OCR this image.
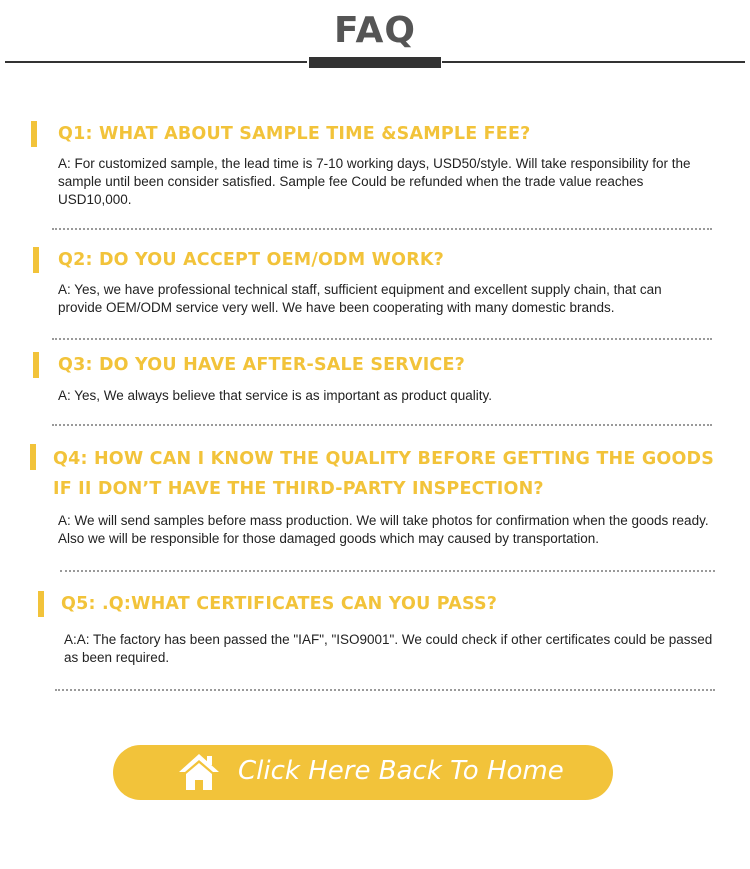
FAQ
Q1: WHAT ABOUT SAMPLE TIME &SAMPLE FEE?
A: For customized sample, the lead time is 7-10 working days, USD50/style. Will take responsibility for the sample until been consider satisfied. Sample fee Could be refunded when the trade value reaches USD10,000.
Q2: DO YOU ACCEPT OEM/ODM WORK?
A: Yes, we have professional technical staff, sufficient equipment and excellent supply chain, that can provide OEM/ODM service very well. We have been cooperating with many domestic brands.
Q3: DO YOU HAVE AFTER-SALE SERVICE?
A: Yes, We always believe that service is as important as product quality.
Q4: HOW CAN I KNOW THE QUALITY BEFORE GETTING THE GOODS IF II DON’T HAVE THE THIRD-PARTY INSPECTION?
A: We will send samples before mass production. We will take photos for confirmation when the goods ready. Also we will be responsible for those damaged goods which may caused by transportation.
Q5: .Q:WHAT CERTIFICATES CAN YOU PASS?
A:A: The factory has been passed the "IAF", "ISO9001". We could check if other certificates could be passed as been required.
Click Here Back To Home
